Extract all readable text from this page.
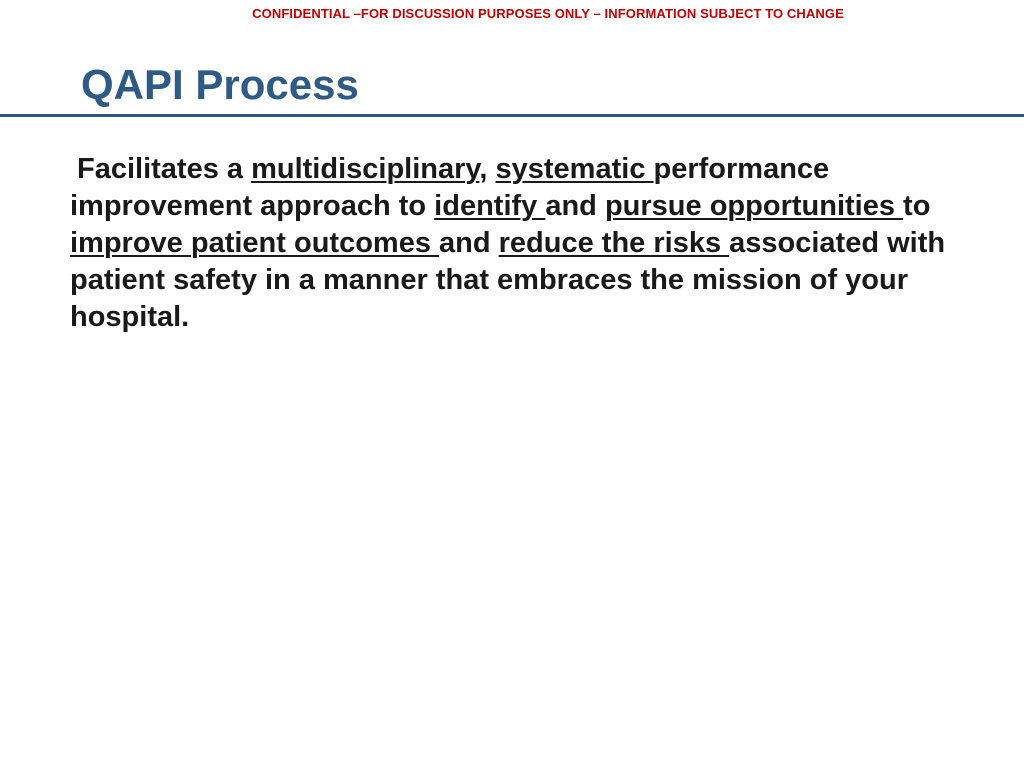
CONFIDENTIAL –FOR DISCUSSION PURPOSES ONLY – INFORMATION SUBJECT TO CHANGE
QAPI Process

Facilitates a multidisciplinary, systematic performance improvement approach to identify and pursue opportunities to improve patient outcomes and reduce the risks associated with patient safety in a manner that embraces the mission of your hospital.
